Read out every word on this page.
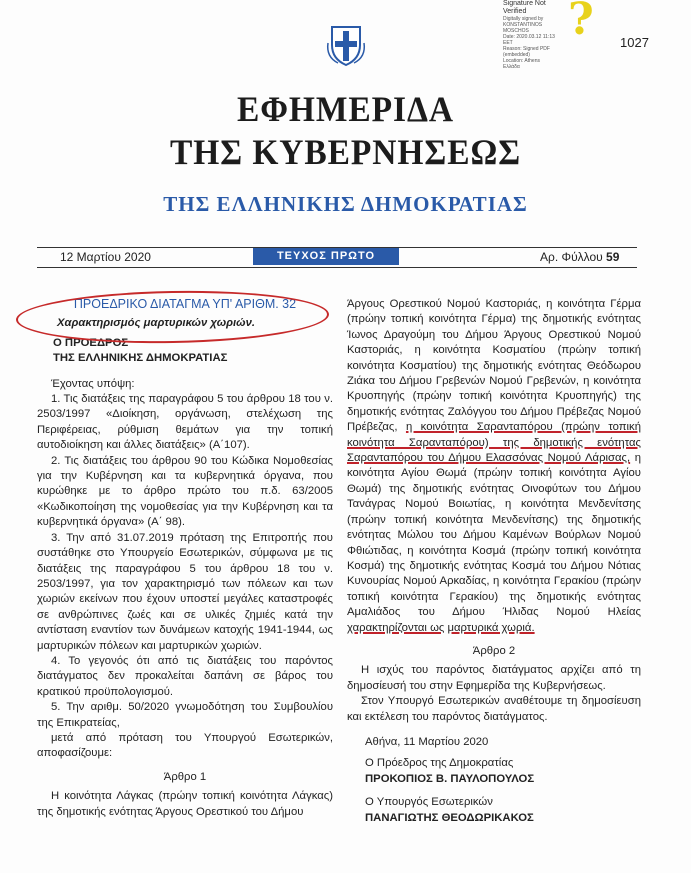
Signature Not
Verified
Digitally signed by
KONSTANTINOS
MOSCHOS
Date: 2020.03.12 11:13
EET
Reason: Signed PDF
(embedded)
Location: Athens
Ελλάδα
? 1027
ΕΦΗΜΕΡΙΔΑ
ΤΗΣ ΚΥΒΕΡΝΗΣΕΩΣ
ΤΗΣ ΕΛΛΗΝΙΚΗΣ ΔΗΜΟΚΡΑΤΙΑΣ
12 Μαρτίου 2020	ΤΕΥΧΟΣ ΠΡΩΤΟ	Αρ. Φύλλου 59

ΠΡΟΕΔΡΙΚΟ ΔΙΑΤΑΓΜΑ ΥΠ' ΑΡΙΘΜ. 32

Χαρακτηρισμός μαρτυρικών χωριών.

Ο ΠΡΟΕΔΡΟΣ

ΤΗΣ ΕΛΛΗΝΙΚΗΣ ΔΗΜΟΚΡΑΤΙΑΣ

Έχοντας υπόψη:

1. Τις διατάξεις της παραγράφου 5 του άρθρου 18 του ν. 2503/1997 «Διοίκηση, οργάνωση, στελέχωση της Περιφέρειας, ρύθμιση θεμάτων για την τοπική αυτοδιοίκηση και άλλες διατάξεις» (Α΄107).

2. Τις διατάξεις του άρθρου 90 του Κώδικα Νομοθεσίας για την Κυβέρνηση και τα κυβερνητικά όργανα, που κυρώθηκε με το άρθρο πρώτο του π.δ. 63/2005 «Κωδικοποίηση της νομοθεσίας για την Κυβέρνηση και τα κυβερνητικά όργανα» (Α΄ 98).

3. Την από 31.07.2019 πρόταση της Επιτροπής που συστάθηκε στο Υπουργείο Εσωτερικών, σύμφωνα με τις διατάξεις της παραγράφου 5 του άρθρου 18 του ν. 2503/1997, για τον χαρακτηρισμό των πόλεων και των χωριών εκείνων που έχουν υποστεί μεγάλες καταστροφές σε ανθρώπινες ζωές και σε υλικές ζημιές κατά την αντίσταση εναντίον των δυνάμεων κατοχής 1941-1944, ως μαρτυρικών πόλεων και μαρτυρικών χωριών.

4. Το γεγονός ότι από τις διατάξεις του παρόντος διατάγματος δεν προκαλείται δαπάνη σε βάρος του κρατικού προϋπολογισμού.

5. Την αριθμ. 50/2020 γνωμοδότηση του Συμβουλίου της Επικρατείας,

μετά από πρόταση του Υπουργού Εσωτερικών, αποφασίζουμε:

Άρθρο 1

Η κοινότητα Λάγκας (πρώην τοπική κοινότητα Λάγκας) της δημοτικής ενότητας Άργους Ορεστικού του Δήμου

Άργους Ορεστικού Νομού Καστοριάς, η κοινότητα Γέρμα (πρώην τοπική κοινότητα Γέρμα) της δημοτικής ενότητας Ίωνος Δραγούμη του Δήμου Άργους Ορεστικού Νομού Καστοριάς, η κοινότητα Κοσματίου (πρώην τοπική κοινότητα Κοσματίου) της δημοτικής ενότητας Θεόδωρου Ζιάκα του Δήμου Γρεβενών Νομού Γρεβενών, η κοινότητα Κρυοπηγής (πρώην τοπική κοινότητα Κρυοπηγής) της δημοτικής ενότητας Ζαλόγγου του Δήμου Πρέβεζας Νομού Πρέβεζας, η κοινότητα Σαρανταπόρου (πρώην τοπική κοινότητα Σαρανταπόρου) της δημοτικής ενότητας Σαρανταπόρου του Δήμου Ελασσόνας Νομού Λάρισας, η κοινότητα Αγίου Θωμά (πρώην τοπική κοινότητα Αγίου Θωμά) της δημοτικής ενότητας Οινοφύτων του Δήμου Τανάγρας Νομού Βοιωτίας, η κοινότητα Μενδενίτσης (πρώην τοπική κοινότητα Μενδενίτσης) της δημοτικής ενότητας Μώλου του Δήμου Καμένων Βούρλων Νομού Φθιώτιδας, η κοινότητα Κοσμά (πρώην τοπική κοινότητα Κοσμά) της δημοτικής ενότητας Κοσμά του Δήμου Νότιας Κυνουρίας Νομού Αρκαδίας, η κοινότητα Γερακίου (πρώην τοπική κοινότητα Γερακίου) της δημοτικής ενότητας Αμαλιάδος του Δήμου Ήλιδας Νομού Ηλείας χαρακτηρίζονται ως μαρτυρικά χωριά.

Άρθρο 2

Η ισχύς του παρόντος διατάγματος αρχίζει από τη δημοσίευσή του στην Εφημερίδα της Κυβερνήσεως.

Στον Υπουργό Εσωτερικών αναθέτουμε τη δημοσίευση και εκτέλεση του παρόντος διατάγματος.

Αθήνα, 11 Μαρτίου 2020

Ο Πρόεδρος της Δημοκρατίας

ΠΡΟΚΟΠΙΟΣ Β. ΠΑΥΛΟΠΟΥΛΟΣ

Ο Υπουργός Εσωτερικών

ΠΑΝΑΓΙΩΤΗΣ ΘΕΟΔΩΡΙΚΑΚΟΣ
